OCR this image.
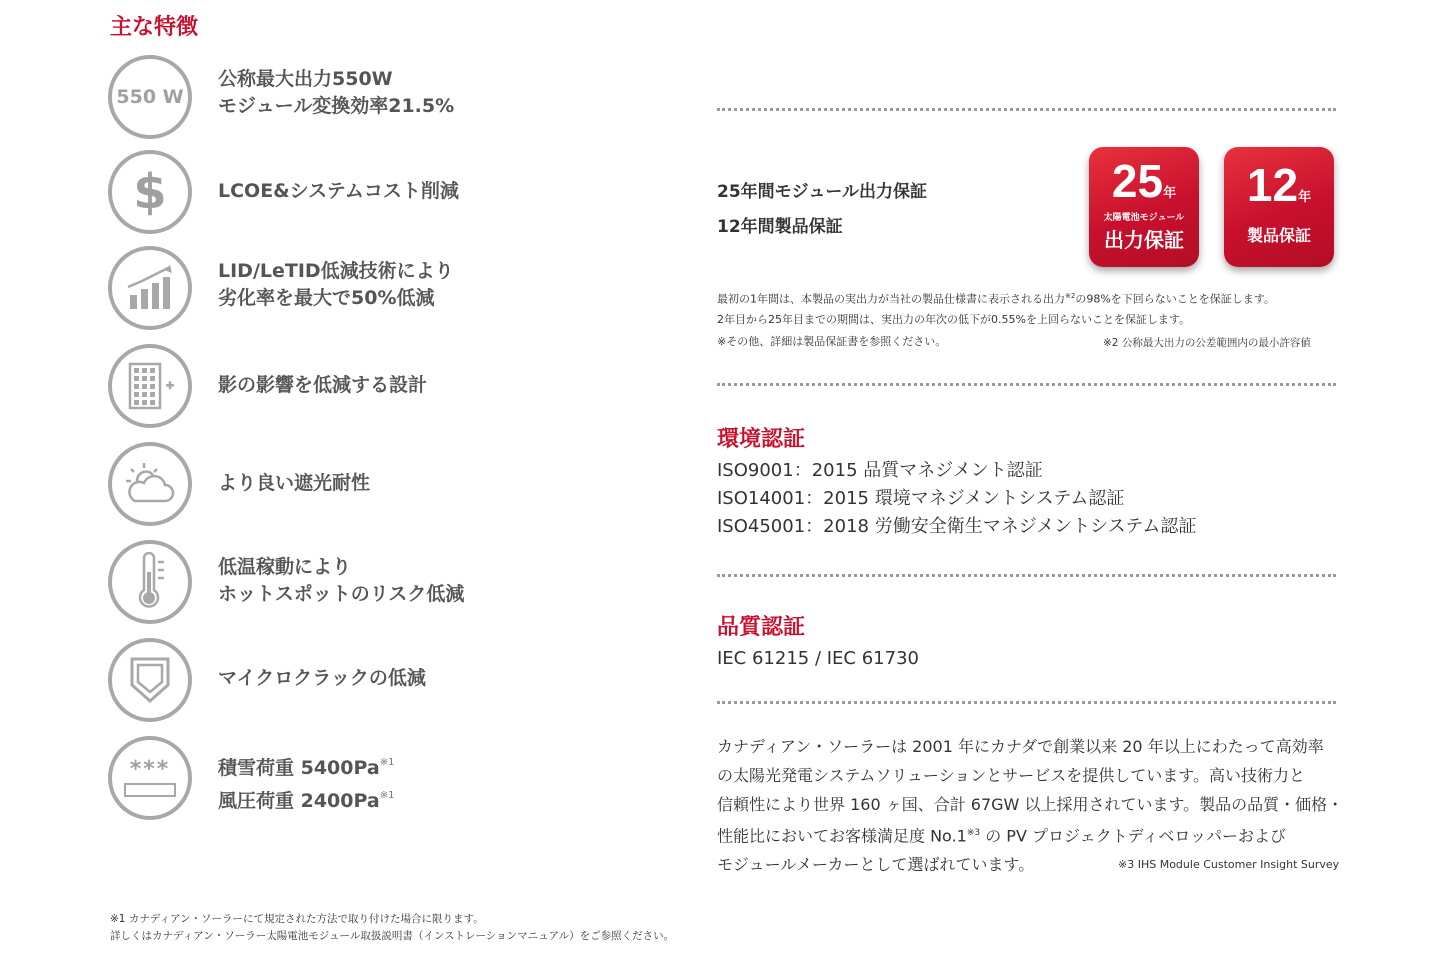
主な特徴
550 W
公称最大出力550W
モジュール変換効率21.5%
$	LCOE&システムコスト削減
LID/LeTID低減技術により
劣化率を最大で50%低減
影の影響を低減する設計
より良い遮光耐性
低温稼動により
ホットスポットのリスク低減
マイクロクラックの低減
***	積雪荷重 5400Pa$^{※1}$
風圧荷重 2400Pa$^{※1}$
※1 カナディアン・ソーラーにて規定された方法で取り付けた場合に限ります。
詳しくはカナディアン・ソーラー太陽電池モジュール取扱説明書（インストレーションマニュアル）をご参照ください。
25年間モジュール出力保証
12年間製品保証
25年
太陽電池モジュール
出力保証
12年
製品保証
最初の1年間は、本製品の実出力が当社の製品仕様書に表示される出力$^{※2}$の98%を下回らないことを保証します。
2年目から25年目までの期間は、実出力の年次の低下が0.55%を上回らないことを保証します。
※その他、詳細は製品保証書を参照ください。	※2 公称最大出力の公差範囲内の最小許容値
環境認証
ISO9001：2015 品質マネジメント認証
ISO14001：2015 環境マネジメントシステム認証
ISO45001：2018 労働安全衛生マネジメントシステム認証
品質認証
IEC 61215 / IEC 61730
カナディアン・ソーラーは 2001 年にカナダで創業以来 20 年以上にわたって高効率
の太陽光発電システムソリューションとサービスを提供しています。高い技術力と
信頼性により世界 160 ヶ国、合計 67GW 以上採用されています。製品の品質・価格・
性能比においてお客様満足度 No.1$^{※3}$ の PV プロジェクトディベロッパーおよび
モジュールメーカーとして選ばれています。	※3 IHS Module Customer Insight Survey
